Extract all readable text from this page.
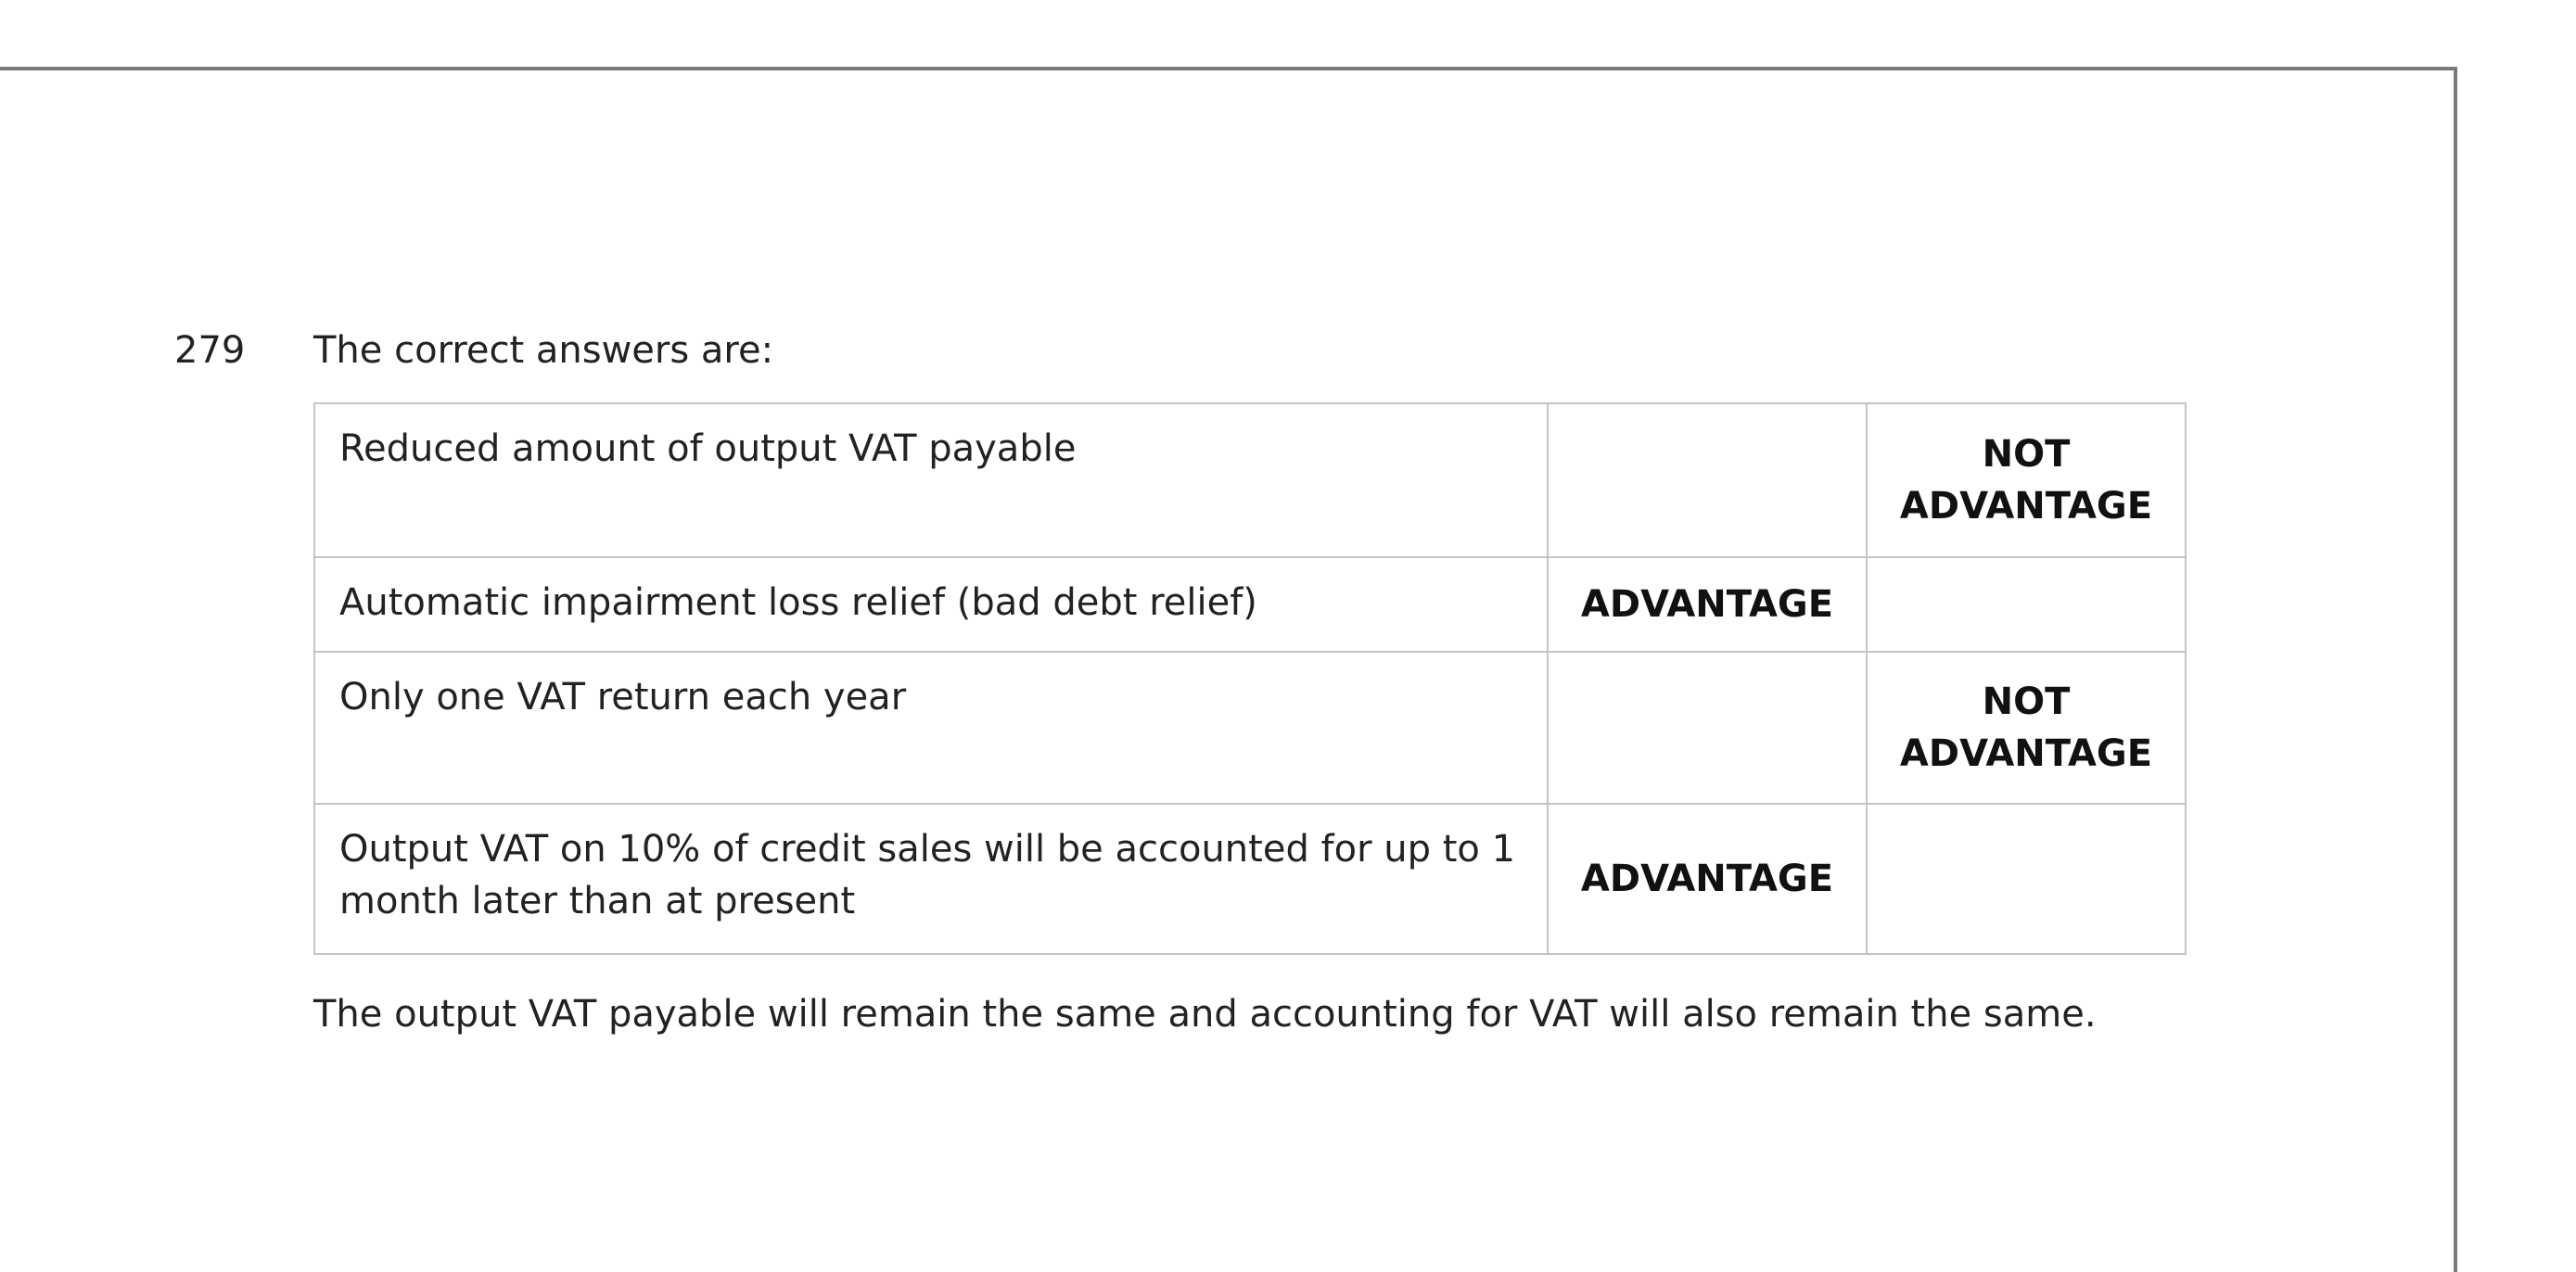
279 The correct answers are:
Reduced amount of output VAT payable		NOT ADVANTAGE
Automatic impairment loss relief (bad debt relief)	ADVANTAGE	
Only one VAT return each year		NOT ADVANTAGE
Output VAT on 10% of credit sales will be accounted for up to 1 month later than at present	ADVANTAGE	
The output VAT payable will remain the same and accounting for VAT will also remain the same.
